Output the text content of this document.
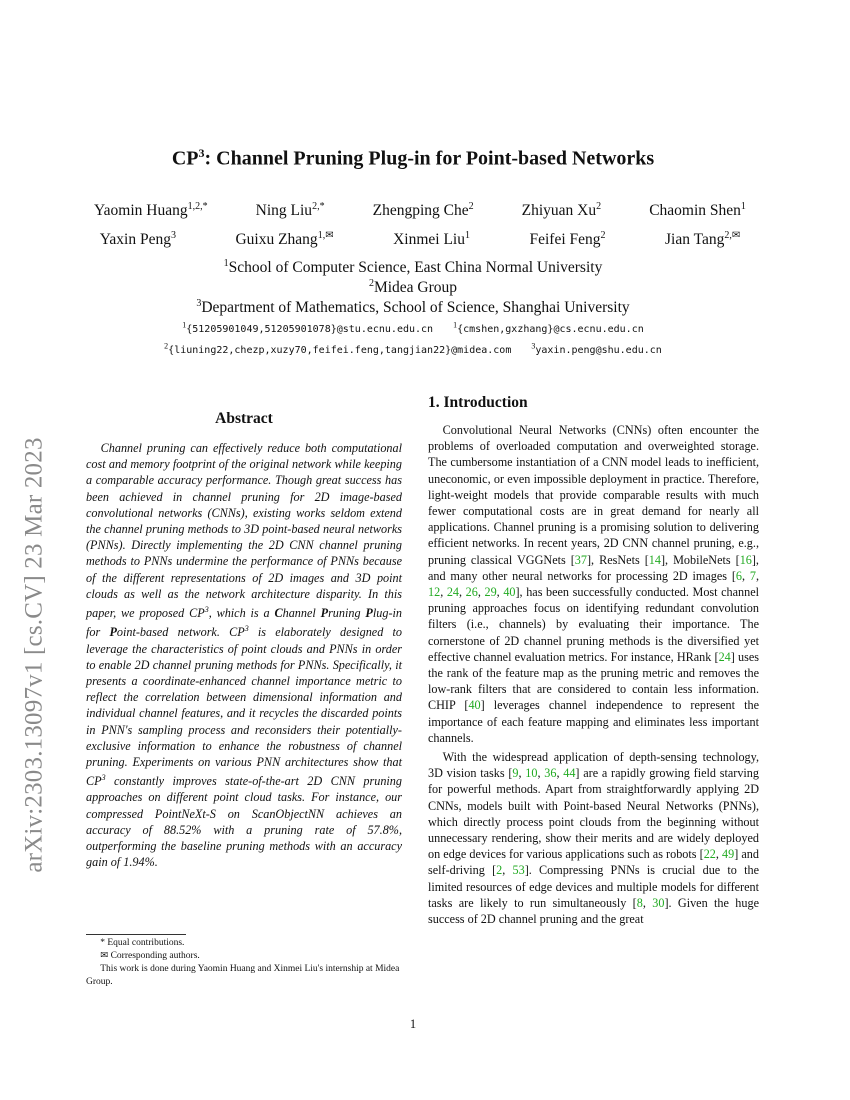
arXiv:2303.13097v1 [cs.CV] 23 Mar 2023
$CP^3$: Channel Pruning Plug-in for Point-based Networks
Yaomin Huang$^{1,2,*}$	Ning Liu$^{2,*}$	Zhengping Che$^2$	Zhiyuan Xu$^2$	Chaomin Shen$^1$
Yaxin Peng$^3$	Guixu Zhang$^{1,✉}$	Xinmei Liu$^1$	Feifei Feng$^2$	Jian Tang$^{2,✉}$
$^1$School of Computer Science, East China Normal University
$^2$Midea Group
$^3$Department of Mathematics, School of Science, Shanghai University
$^1${51205901049,51205901078}@stu.ecnu.edu.cn	$^1${cmshen,gxzhang}@cs.ecnu.edu.cn
$^2${liuning22,chezp,xuzy70,feifei.feng,tangjian22}@midea.com	$^3$yaxin.peng@shu.edu.cn
Abstract

Channel pruning can effectively reduce both computational cost and memory footprint of the original network while keeping a comparable accuracy performance. Though great success has been achieved in channel pruning for 2D image-based convolutional networks (CNNs), existing works seldom extend the channel pruning methods to 3D point-based neural networks (PNNs). Directly implementing the 2D CNN channel pruning methods to PNNs undermine the performance of PNNs because of the different representations of 2D images and 3D point clouds as well as the network architecture disparity. In this paper, we proposed $CP^3$, which is a Channel Pruning Plug-in for Point-based network. $CP^3$ is elaborately designed to leverage the characteristics of point clouds and PNNs in order to enable 2D channel pruning methods for PNNs. Specifically, it presents a coordinate-enhanced channel importance metric to reflect the correlation between dimensional information and individual channel features, and it recycles the discarded points in PNN's sampling process and reconsiders their potentially-exclusive information to enhance the robustness of channel pruning. Experiments on various PNN architectures show that $CP^3$ constantly improves state-of-the-art 2D CNN pruning approaches on different point cloud tasks. For instance, our compressed PointNeXt-S on ScanObjectNN achieves an accuracy of 88.52% with a pruning rate of 57.8%, outperforming the baseline pruning methods with an accuracy gain of 1.94%.

* Equal contributions.
✉ Corresponding authors.
This work is done during Yaomin Huang and Xinmei Liu's internship at Midea Group.
1. Introduction

Convolutional Neural Networks (CNNs) often encounter the problems of overloaded computation and overweighted storage. The cumbersome instantiation of a CNN model leads to inefficient, uneconomic, or even impossible deployment in practice. Therefore, light-weight models that provide comparable results with much fewer computational costs are in great demand for nearly all applications. Channel pruning is a promising solution to delivering efficient networks. In recent years, 2D CNN channel pruning, e.g., pruning classical VGGNets [37], ResNets [14], MobileNets [16], and many other neural networks for processing 2D images [6, 7, 12, 24, 26, 29, 40], has been successfully conducted. Most channel pruning approaches focus on identifying redundant convolution filters (i.e., channels) by evaluating their importance. The cornerstone of 2D channel pruning methods is the diversified yet effective channel evaluation metrics. For instance, HRank [24] uses the rank of the feature map as the pruning metric and removes the low-rank filters that are considered to contain less information. CHIP [40] leverages channel independence to represent the importance of each feature mapping and eliminates less important channels.

With the widespread application of depth-sensing technology, 3D vision tasks [9, 10, 36, 44] are a rapidly growing field starving for powerful methods. Apart from straightforwardly applying 2D CNNs, models built with Point-based Neural Networks (PNNs), which directly process point clouds from the beginning without unnecessary rendering, show their merits and are widely deployed on edge devices for various applications such as robots [22, 49] and self-driving [2, 53]. Compressing PNNs is crucial due to the limited resources of edge devices and multiple models for different tasks are likely to run simultaneously [8, 30]. Given the huge success of 2D channel pruning and the great

1
